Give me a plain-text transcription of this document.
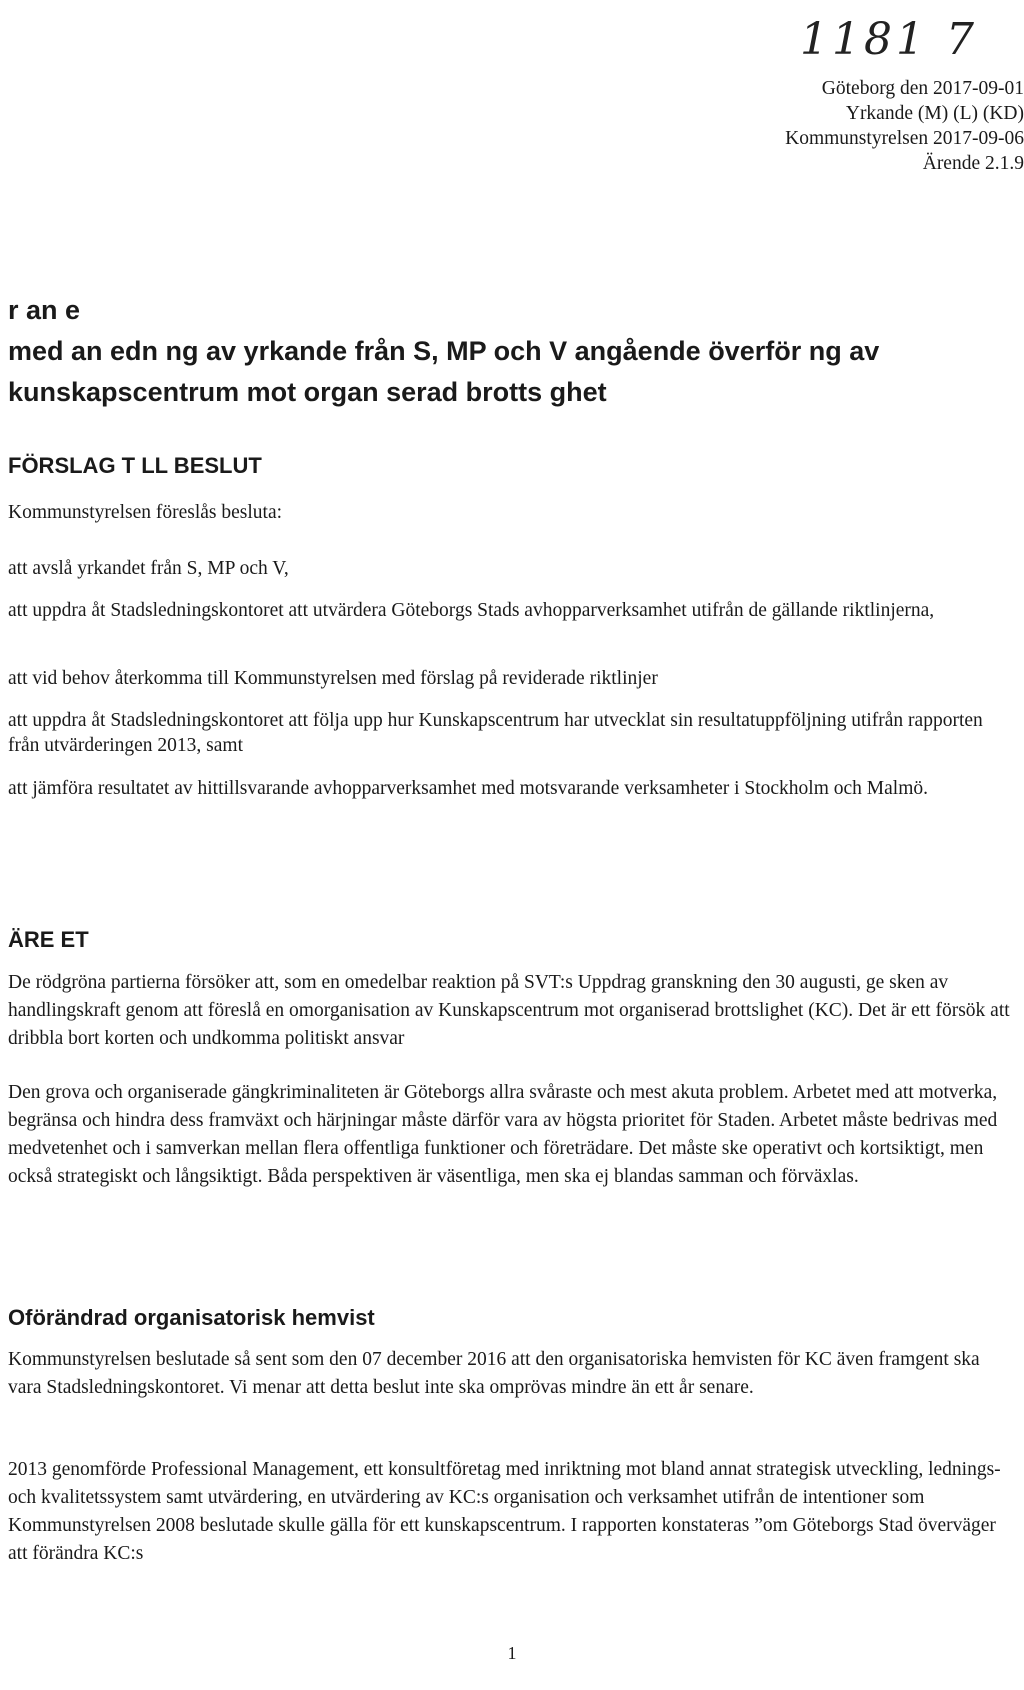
1181 7
Göteborg den 2017-09-01
Yrkande (M) (L) (KD)
Kommunstyrelsen 2017-09-06
Ärende 2.1.9
r an e
med an edn ng av yrkande från S, MP och V angående överför ng av
kunskapscentrum mot organ serad brotts ghet
FÖRSLAG T LL BESLUT

Kommunstyrelsen föreslås besluta:

att avslå yrkandet från S, MP och V,

att uppdra åt Stadsledningskontoret att utvärdera Göteborgs Stads avhopparverksamhet utifrån de gällande riktlinjerna,

att vid behov återkomma till Kommunstyrelsen med förslag på reviderade riktlinjer

att uppdra åt Stadsledningskontoret att följa upp hur Kunskapscentrum har utvecklat sin resultatuppföljning utifrån rapporten från utvärderingen 2013, samt

att jämföra resultatet av hittillsvarande avhopparverksamhet med motsvarande verksamheter i Stockholm och Malmö.

ÄRE ET

De rödgröna partierna försöker att, som en omedelbar reaktion på SVT:s Uppdrag granskning den 30 augusti, ge sken av handlingskraft genom att föreslå en omorganisation av Kunskapscentrum mot organiserad brottslighet (KC). Det är ett försök att dribbla bort korten och undkomma politiskt ansvar

Den grova och organiserade gängkriminaliteten är Göteborgs allra svåraste och mest akuta problem. Arbetet med att motverka, begränsa och hindra dess framväxt och härjningar måste därför vara av högsta prioritet för Staden. Arbetet måste bedrivas med medvetenhet och i samverkan mellan flera offentliga funktioner och företrädare. Det måste ske operativt och kortsiktigt, men också strategiskt och långsiktigt. Båda perspektiven är väsentliga, men ska ej blandas samman och förväxlas.

Oförändrad organisatorisk hemvist

Kommunstyrelsen beslutade så sent som den 07 december 2016 att den organisatoriska hemvisten för KC även framgent ska vara Stadsledningskontoret. Vi menar att detta beslut inte ska omprövas mindre än ett år senare.

2013 genomförde Professional Management, ett konsultföretag med inriktning mot bland annat strategisk utveckling, lednings- och kvalitetssystem samt utvärdering, en utvärdering av KC:s organisation och verksamhet utifrån de intentioner som Kommunstyrelsen 2008 beslutade skulle gälla för ett kunskapscentrum. I rapporten konstateras ”om Göteborgs Stad överväger att förändra KC:s

1
